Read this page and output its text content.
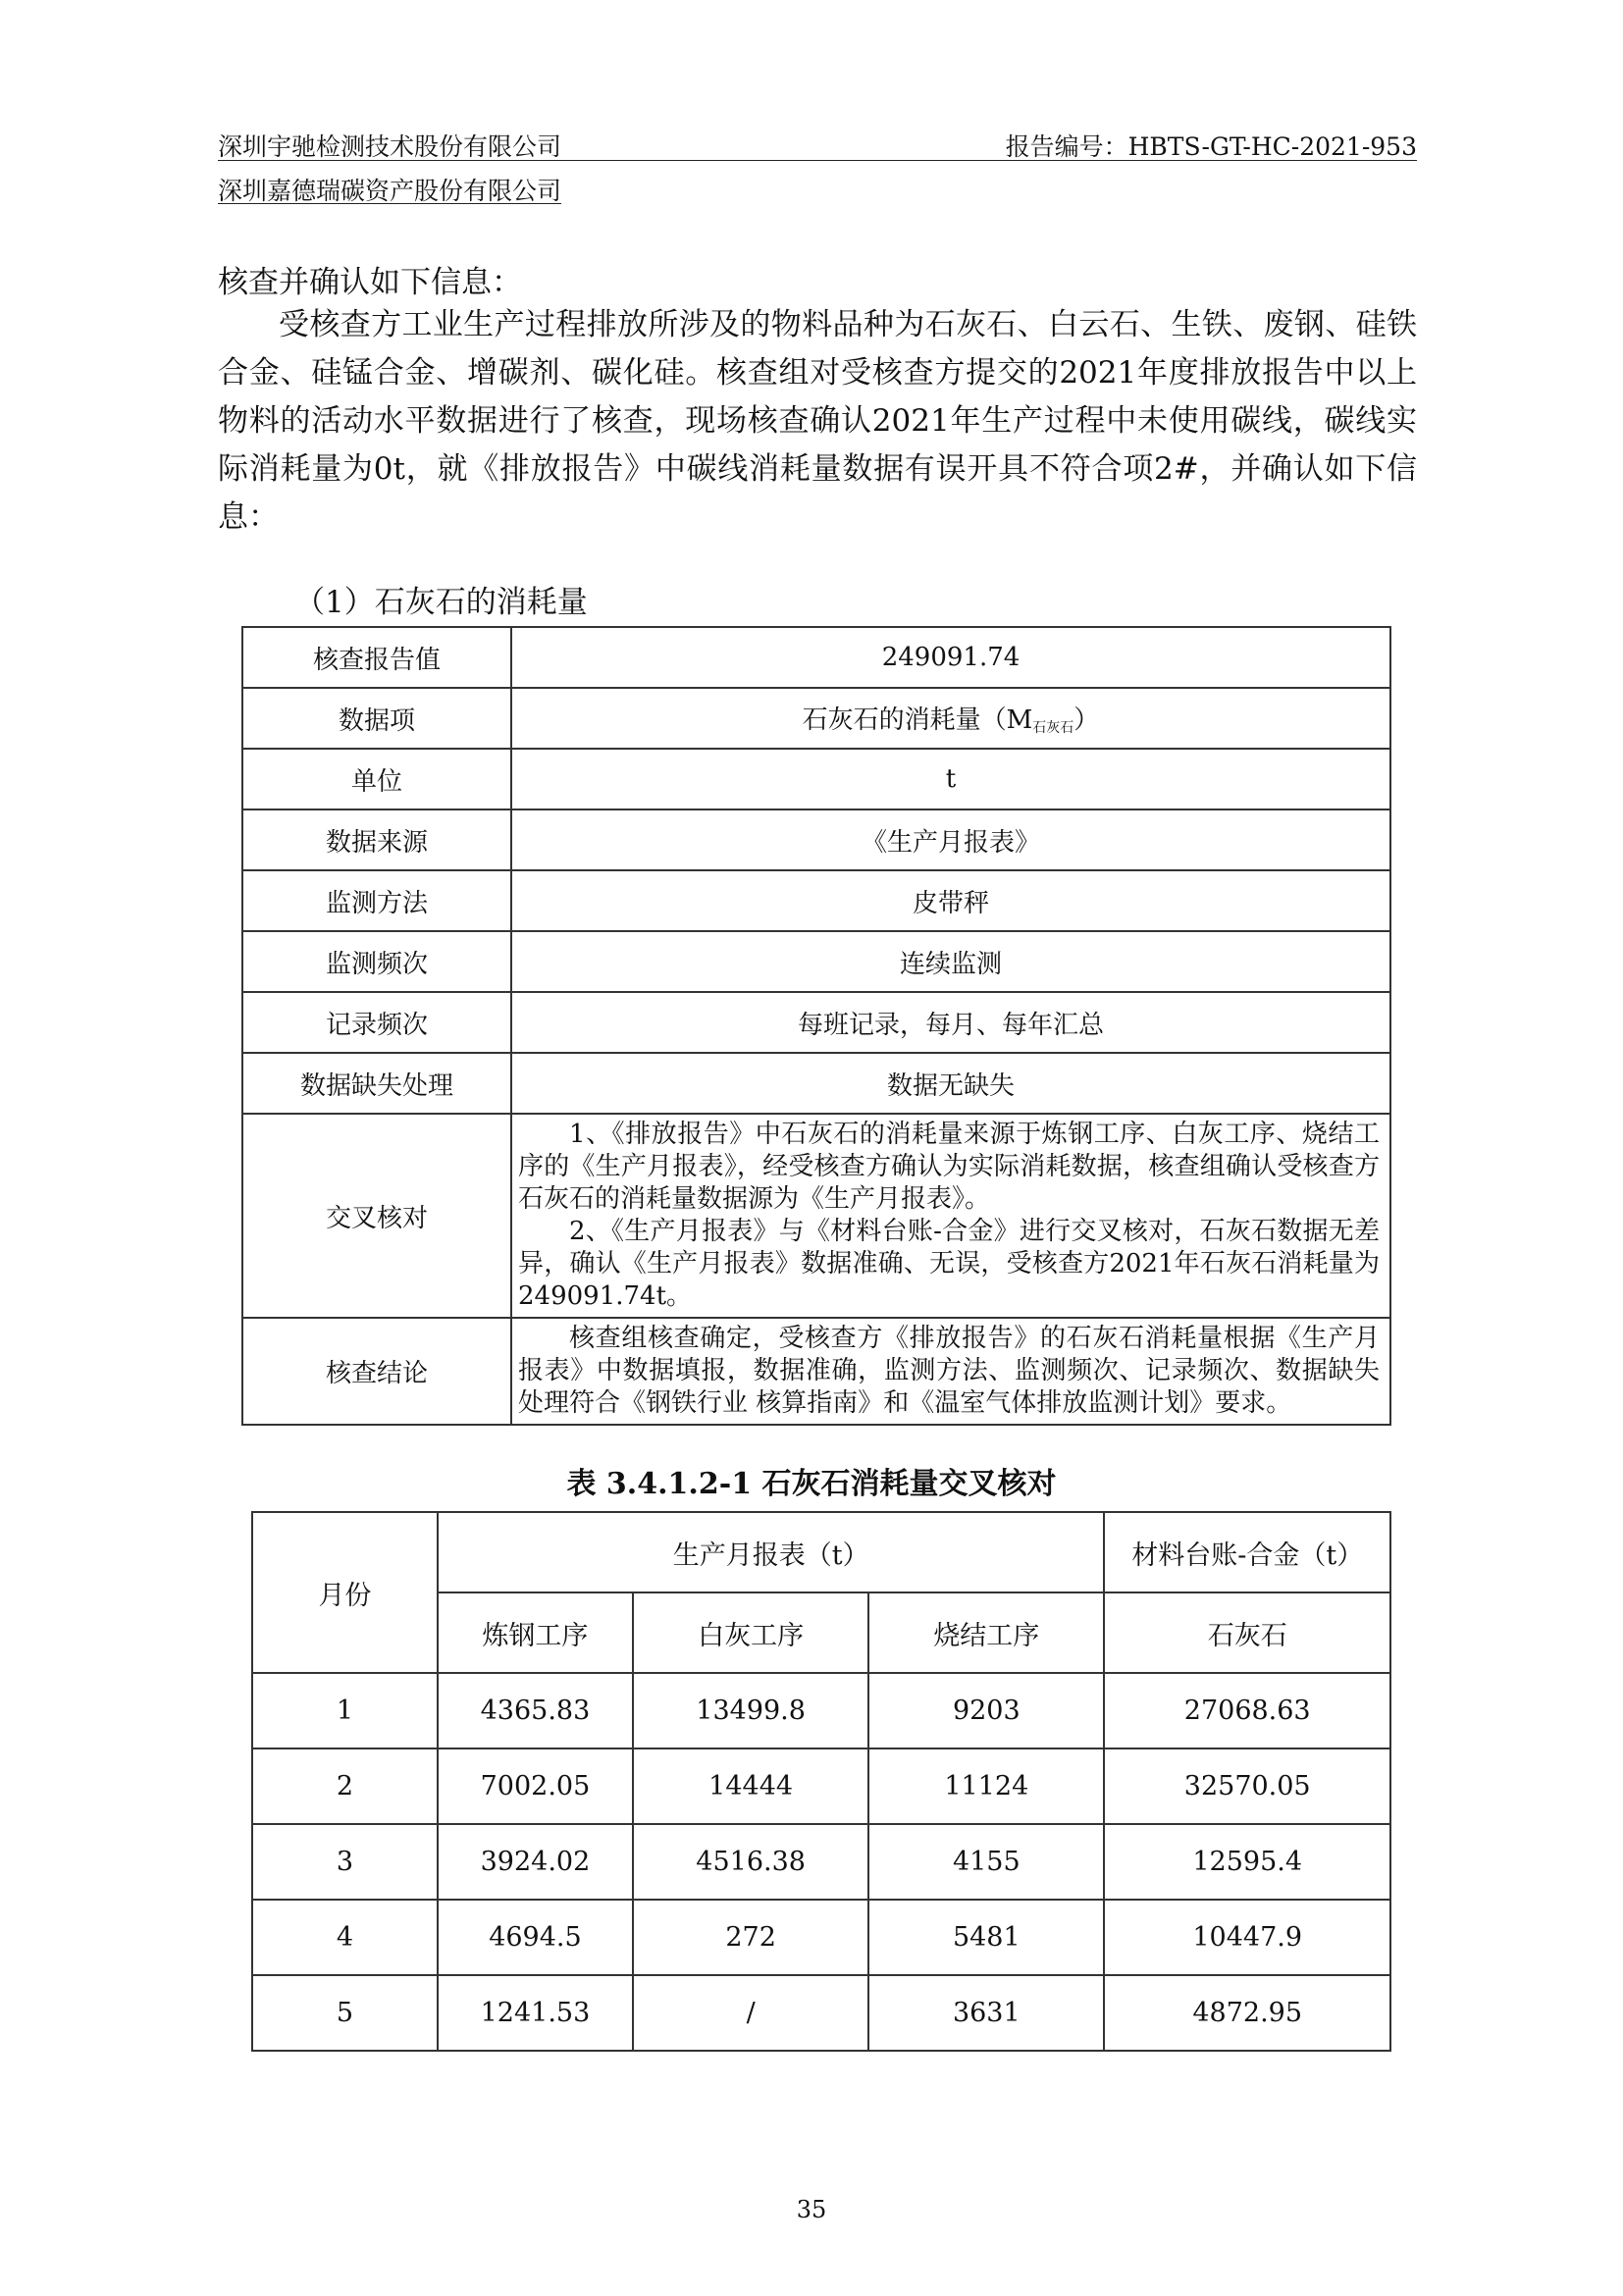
深圳宇驰检测技术股份有限公司	报告编号：HBTS-GT-HC-2021-953
深圳嘉德瑞碳资产股份有限公司
核查并确认如下信息：
受核查方工业生产过程排放所涉及的物料品种为石灰石、白云石、生铁、废钢、硅铁合金、硅锰合金、增碳剂、碳化硅。核查组对受核查方提交的2021年度排放报告中以上物料的活动水平数据进行了核查，现场核查确认2021年生产过程中未使用碳线，碳线实际消耗量为0t，就《排放报告》中碳线消耗量数据有误开具不符合项2#，并确认如下信息：
（1）石灰石的消耗量
核查报告值	249091.74
数据项	石灰石的消耗量$(M_{石灰石})$
单位	t
数据来源	《生产月报表》
监测方法	皮带秤
监测频次	连续监测
记录频次	每班记录，每月、每年汇总
数据缺失处理	数据无缺失
交叉核对	1、《排放报告》中石灰石的消耗量来源于炼钢工序、白灰工序、烧结工序的《生产月报表》，经受核查方确认为实际消耗数据，核查组确认受核查方石灰石的消耗量数据源为《生产月报表》。
2、《生产月报表》与《材料台账-合金》进行交叉核对，石灰石数据无差异，确认《生产月报表》数据准确、无误，受核查方2021年石灰石消耗量为249091.74t。

核查结论	核查组核查确定，受核查方《排放报告》的石灰石消耗量根据《生产月报表》中数据填报，数据准确，监测方法、监测频次、记录频次、数据缺失处理符合《钢铁行业 核算指南》和《温室气体排放监测计划》要求。
表 3.4.1.2-1 石灰石消耗量交叉核对
月份	生产月报表（t）			材料台账-合金（t）
	炼钢工序	白灰工序	烧结工序	石灰石
1	4365.83	13499.8	9203	27068.63
2	7002.05	14444	11124	32570.05
3	3924.02	4516.38	4155	12595.4
4	4694.5	272	5481	10447.9
5	1241.53	/	3631	4872.95
35
